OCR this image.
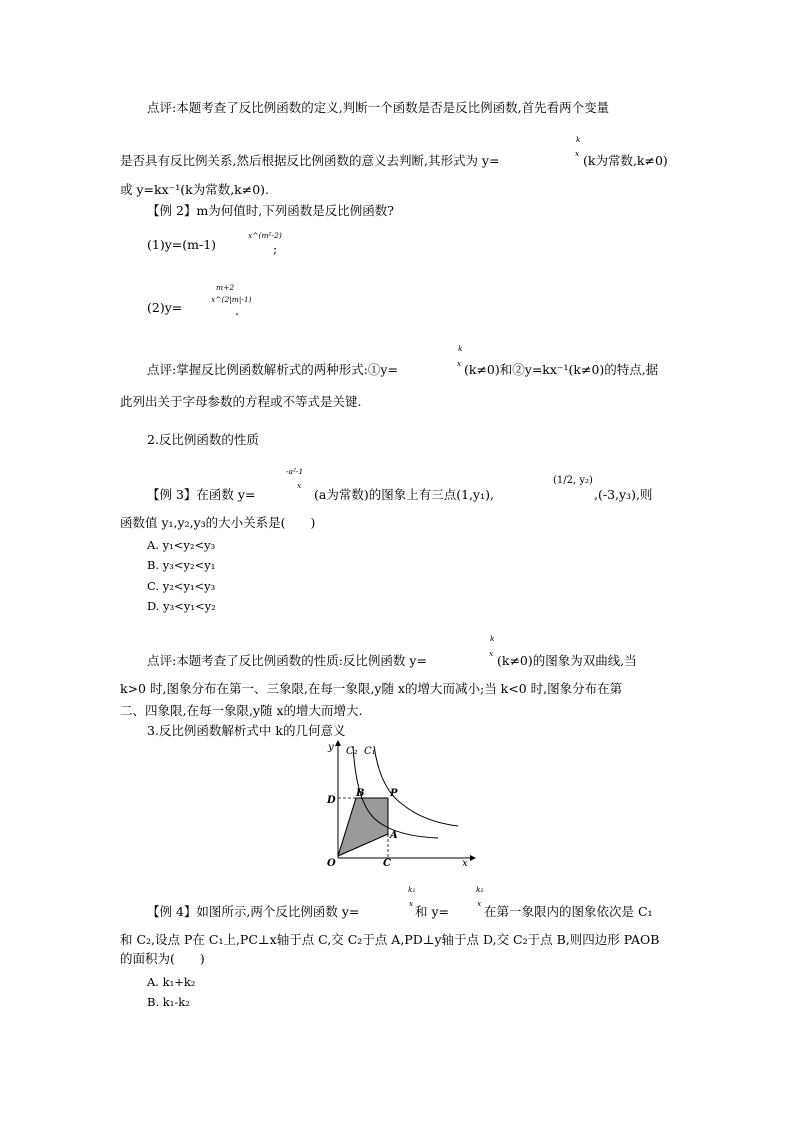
点评:本题考查了反比例函数的定义,判断一个函数是否是反比例函数,首先看两个变量
是否具有反比例关系,然后根据反比例函数的意义去判断,其形式为 y=
k
x (k为常数,k≠0)
或 y=kx⁻¹(k为常数,k≠0).
【例 2】m为何值时,下列函数是反比例函数?
(1)y=(m-1)
x^(m²-2)
;
(2)y=
m+2
x^(2|m|-1)
.
点评:掌握反比例函数解析式的两种形式:①y=
k
x (k≠0)和②y=kx⁻¹(k≠0)的特点,据
此列出关于字母参数的方程或不等式是关键.
2.反比例函数的性质
【例 3】在函数 y=
-a²-1
x
(a为常数)的图象上有三点(1,y₁),
(1/2, y₂)
,(-3,y₃),则
函数值 y₁,y₂,y₃的大小关系是(　　)
A. y₁<y₂<y₃
B. y₃<y₂<y₁
C. y₂<y₁<y₃
D. y₃<y₁<y₂
点评:本题考查了反比例函数的性质:反比例函数 y=
k
x (k≠0)的图象为双曲线,当
k>0 时,图象分布在第一、三象限,在每一象限,y随 x的增大而减小;当 k<0 时,图象分布在第
二、四象限,在每一象限,y随 x的增大而增大.
3.反比例函数解析式中 k的几何意义
C₂ C₁
D
B	P
A
O	C	x
y
【例 4】如图所示,两个反比例函数 y=
k₁
x
和 y=
k₂
x
在第一象限内的图象依次是 C₁
和 C₂,设点 P在 C₁上,PC⊥x轴于点 C,交 C₂于点 A,PD⊥y轴于点 D,交 C₂于点 B,则四边形 PAOB
的面积为(　　)
A. k₁+k₂
B. k₁-k₂
